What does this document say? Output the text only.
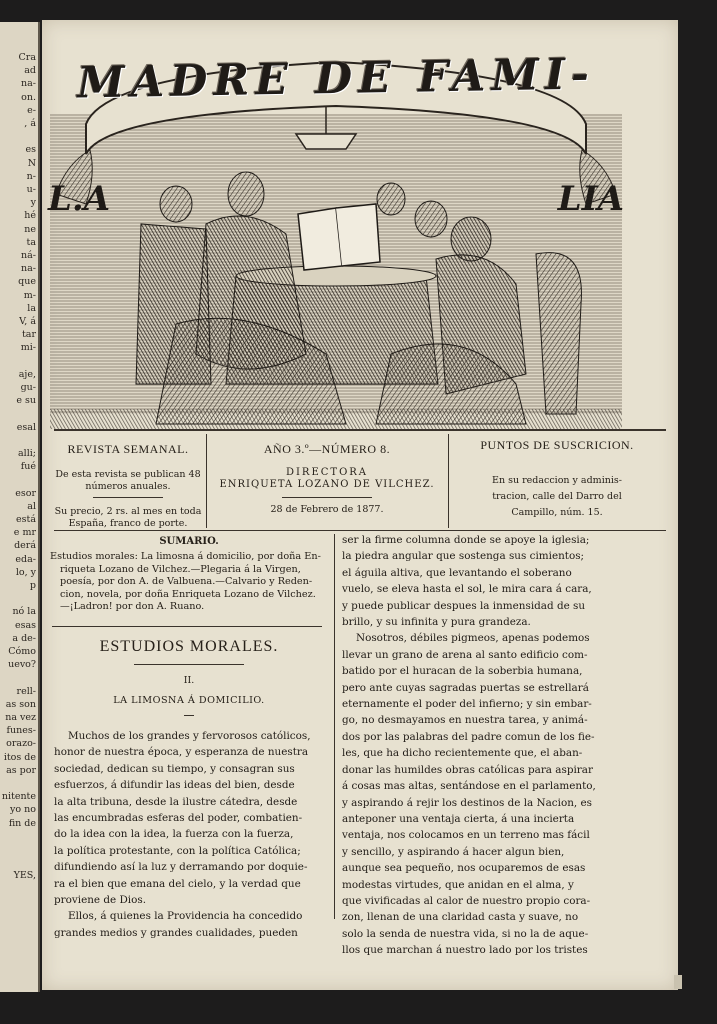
Cra
ad
na-
on.
e-
, á
es
N
n-
u-
y
hé
ne
ta
ná-
na-
que
m-
la
V, á
tar
mi-
aje,
gu-
e su
esal
alli;
fué
esor
al
está
e mr
derá
eda-
lo, y
p
nó la
esas
a de-
Cómo
uevo?
rell-
as son
na vez
funes-
orazo-
itos de
as por
nitente
yo no
fin de
YES,
MADRE DE FAMI-
L.A	LIA
REVISTA SEMANAL.
De esta revista se publican 48
números anuales.
Su precio, 2 rs. al mes en toda
España, franco de porte.
AÑO 3.º—NÚMERO 8.
DIRECTORA
ENRIQUETA LOZANO DE VILCHEZ.
28 de Febrero de 1877.
PUNTOS DE SUSCRICION.
En su redaccion y adminis-
tracion, calle del Darro del
Campillo, núm. 15.
SUMARIO.
Estudios morales: La limosna á domicilio, por doña En-
riqueta Lozano de Vilchez.—Plegaria á la Virgen,
poesía, por don A. de Valbuena.—Calvario y Reden-
cion, novela, por doña Enriqueta Lozano de Vilchez.
—¡Ladron! por don A. Ruano.
ESTUDIOS MORALES.
II.
LA LIMOSNA Á DOMICILIO.
Muchos de los grandes y fervorosos católicos,
honor de nuestra época, y esperanza de nuestra
sociedad, dedican su tiempo, y consagran sus
esfuerzos, á difundir las ideas del bien, desde
la alta tribuna, desde la ilustre cátedra, desde
las encumbradas esferas del poder, combatien-
do la idea con la idea, la fuerza con la fuerza,
la política protestante, con la política Católica;
difundiendo así la luz y derramando por doquie-
ra el bien que emana del cielo, y la verdad que
proviene de Dios.
Ellos, á quienes la Providencia ha concedido
grandes medios y grandes cualidades, pueden
ser la firme columna donde se apoye la iglesia;
la piedra angular que sostenga sus cimientos;
el águila altiva, que levantando el soberano
vuelo, se eleva hasta el sol, le mira cara á cara,
y puede publicar despues la inmensidad de su
brillo, y su infinita y pura grandeza.
Nosotros, débiles pigmeos, apenas podemos
llevar un grano de arena al santo edificio com-
batido por el huracan de la soberbia humana,
pero ante cuyas sagradas puertas se estrellará
eternamente el poder del infierno; y sin embar-
go, no desmayamos en nuestra tarea, y animá-
dos por las palabras del padre comun de los fie-
les, que ha dicho recientemente que, el aban-
donar las humildes obras católicas para aspirar
á cosas mas altas, sentándose en el parlamento,
y aspirando á rejir los destinos de la Nacion, es
anteponer una ventaja cierta, á una incierta
ventaja, nos colocamos en un terreno mas fácil
y sencillo, y aspirando á hacer algun bien,
aunque sea pequeño, nos ocuparemos de esas
modestas virtudes, que anidan en el alma, y
que vivificadas al calor de nuestro propio cora-
zon, llenan de una claridad casta y suave, no
solo la senda de nuestra vida, si no la de aque-
llos que marchan á nuestro lado por los tristes
